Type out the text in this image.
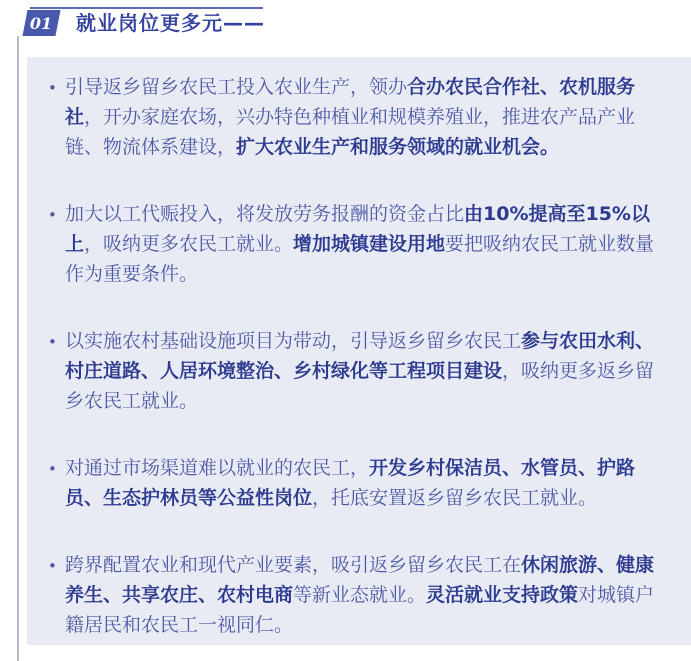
01 就业岗位更多元——
• 引导返乡留乡农民工投入农业生产，领办合办农民合作社、农机服务社，开办家庭农场，兴办特色种植业和规模养殖业，推进农产品产业链、物流体系建设，扩大农业生产和服务领域的就业机会。
• 加大以工代赈投入，将发放劳务报酬的资金占比由10%提高至15%以上，吸纳更多农民工就业。增加城镇建设用地要把吸纳农民工就业数量作为重要条件。
• 以实施农村基础设施项目为带动，引导返乡留乡农民工参与农田水利、村庄道路、人居环境整治、乡村绿化等工程项目建设，吸纳更多返乡留乡农民工就业。
• 对通过市场渠道难以就业的农民工，开发乡村保洁员、水管员、护路员、生态护林员等公益性岗位，托底安置返乡留乡农民工就业。
• 跨界配置农业和现代产业要素，吸引返乡留乡农民工在休闲旅游、健康养生、共享农庄、农村电商等新业态就业。灵活就业支持政策对城镇户籍居民和农民工一视同仁。
